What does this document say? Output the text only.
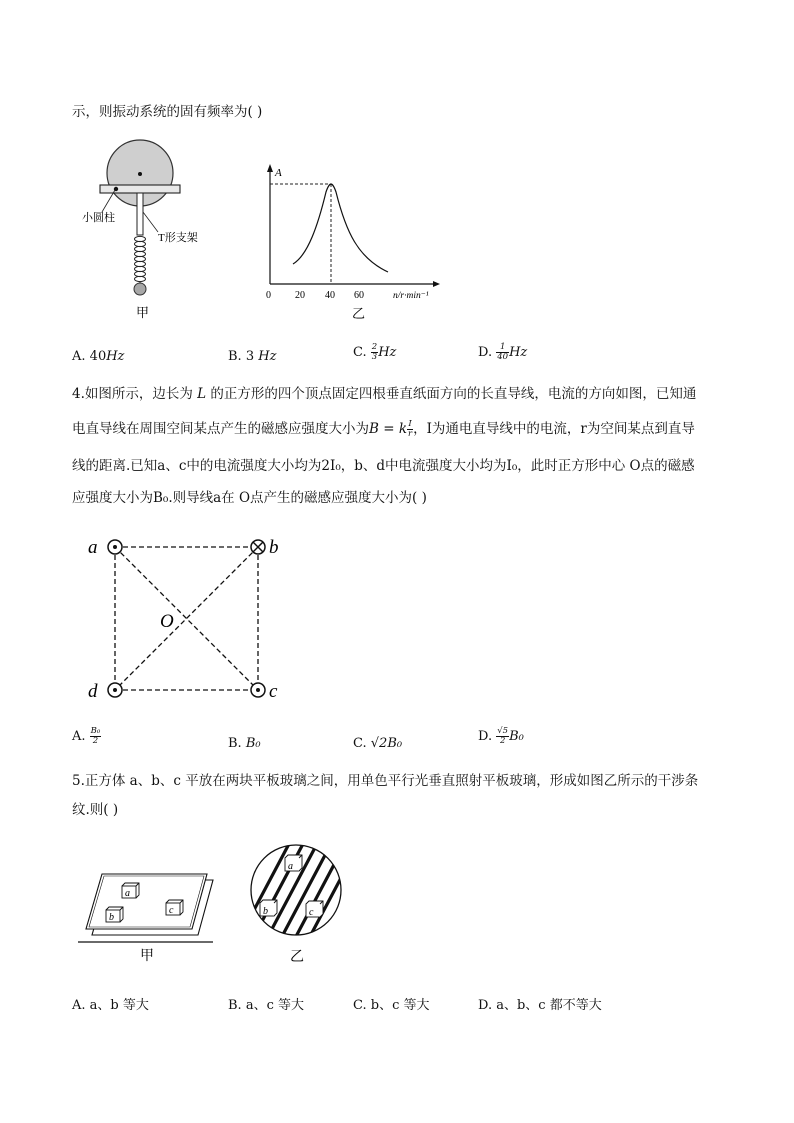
示，则振动系统的固有频率为( )
小圆柱
T形支架
甲
A
0 20 40 60	n/r·min⁻¹
乙
A. 40Hz	B. 3 Hz	C. $\frac{2}{3}$ Hz	D. $\frac{1}{40}$ Hz
4.如图所示，边长为 L 的正方形的四个顶点固定四根垂直纸面方向的长直导线，电流的方向如图，已知通
电直导线在周围空间某点产生的磁感应强度大小为B = k $\frac{I}{r}$ ，I为通电直导线中的电流，r为空间某点到直导
线的距离.已知a、c中的电流强度大小均为2I₀，b、d中电流强度大小均为I₀，此时正方形中心 O点的磁感
应强度大小为B₀.则导线a在 O点产生的磁感应强度大小为( )
a	b
d	c
O
A. $\frac{\text{B₀}}{2}$	B. B₀	C. √2B₀	D. $\frac{√5}{2} B_0$
5.正方体 a、b、c 平放在两块平板玻璃之间，用单色平行光垂直照射平板玻璃，形成如图乙所示的干涉条
纹.则( )
a
b
c
甲
a
b	c
乙
A. a、b 等大	B. a、c 等大	C. b、c 等大	D. a、b、c 都不等大
